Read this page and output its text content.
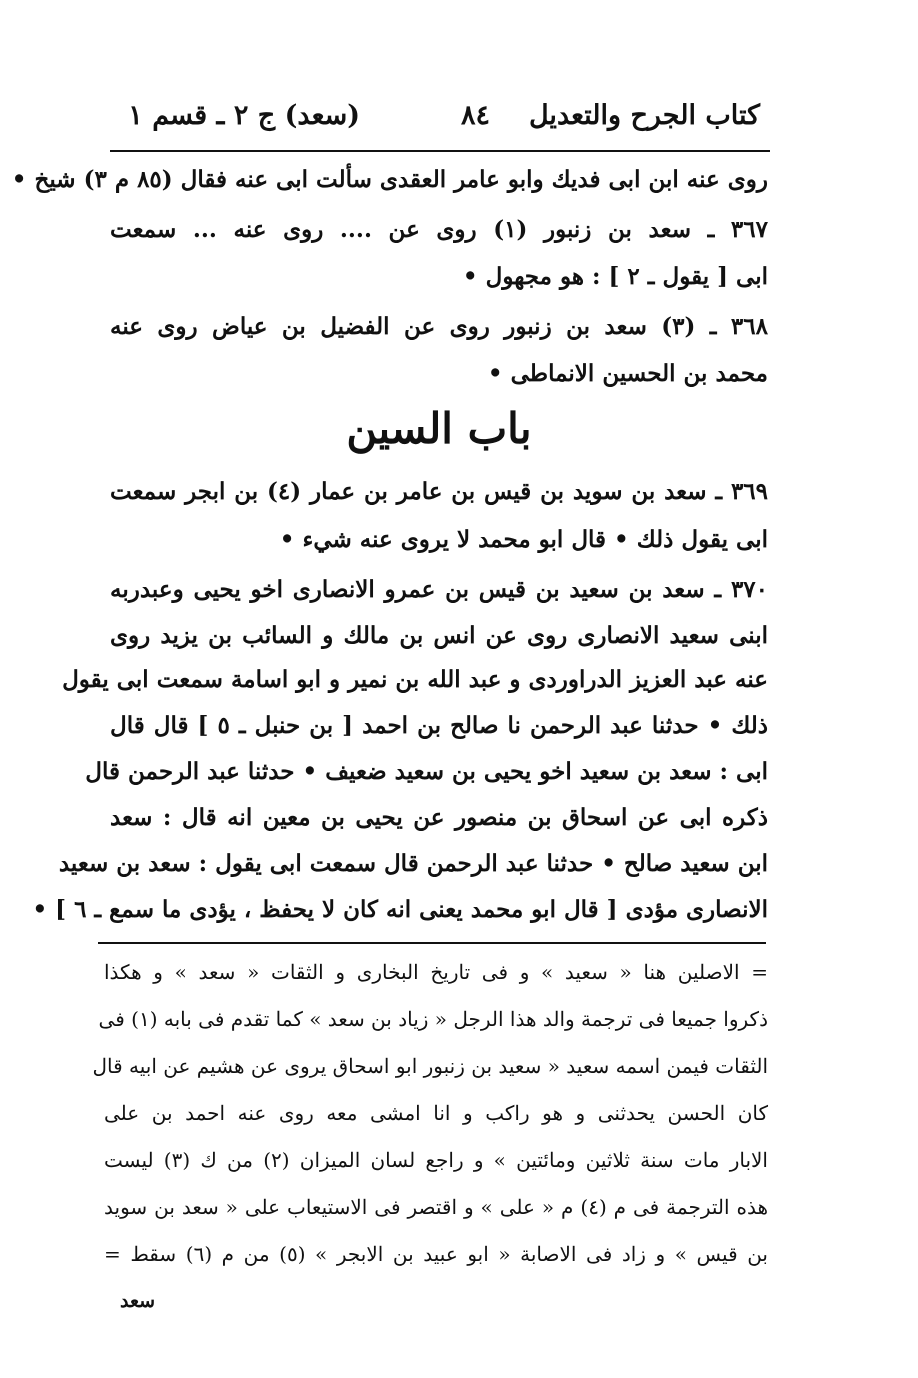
كتاب الجرح والتعديل
٨٤
(سعد) ج ٢ ـ قسم ١
روى عنه ابن ابى فديك وابو عامر العقدى سألت ابى عنه فقال (٨٥ م ٣) شيخ •
٣٦٧ ـ سعد بن زنبور (١) روى عن .... روى عنه ... سمعت
ابى [ يقول ـ ٢ ] : هو مجهول •
٣٦٨ ـ (٣) سعد بن زنبور روى عن الفضيل بن عياض روى عنه
محمد بن الحسين الانماطى •
باب السين
٣٦٩ ـ سعد بن سويد بن قيس بن عامر بن عمار (٤) بن ابجر سمعت
ابى يقول ذلك • قال ابو محمد لا يروى عنه شيء •
٣٧٠ ـ سعد بن سعيد بن قيس بن عمرو الانصارى اخو يحيى وعبدربه
ابنى سعيد الانصارى روى عن انس بن مالك و السائب بن يزيد روى
عنه عبد العزيز الدراوردى و عبد الله بن نمير و ابو اسامة سمعت ابى يقول
ذلك • حدثنا عبد الرحمن نا صالح بن احمد [ بن حنبل ـ ٥ ] قال قال
ابى : سعد بن سعيد اخو يحيى بن سعيد ضعيف • حدثنا عبد الرحمن قال
ذكره ابى عن اسحاق بن منصور عن يحيى بن معين انه قال : سعد
ابن سعيد صالح • حدثنا عبد الرحمن قال سمعت ابى يقول : سعد بن سعيد
الانصارى مؤدى [ قال ابو محمد يعنى انه كان لا يحفظ ، يؤدى ما سمع ـ ٦ ] •
= الاصلين هنا « سعيد » و فى تاريخ البخارى و الثقات « سعد » و هكذا
ذكروا جميعا فى ترجمة والد هذا الرجل « زياد بن سعد » كما تقدم فى بابه (١) فى
الثقات فيمن اسمه سعيد « سعيد بن زنبور ابو اسحاق يروى عن هشيم عن ابيه قال
كان الحسن يحدثنى و هو راكب و انا امشى معه روى عنه احمد بن على
الابار مات سنة ثلاثين ومائتين » و راجع لسان الميزان (٢) من ك (٣) ليست
هذه الترجمة فى م (٤) م « على » و اقتصر فى الاستيعاب على « سعد بن سويد
بن قيس » و زاد فى الاصابة « ابو عبيد بن الابجر » (٥) من م (٦) سقط =
سعد
